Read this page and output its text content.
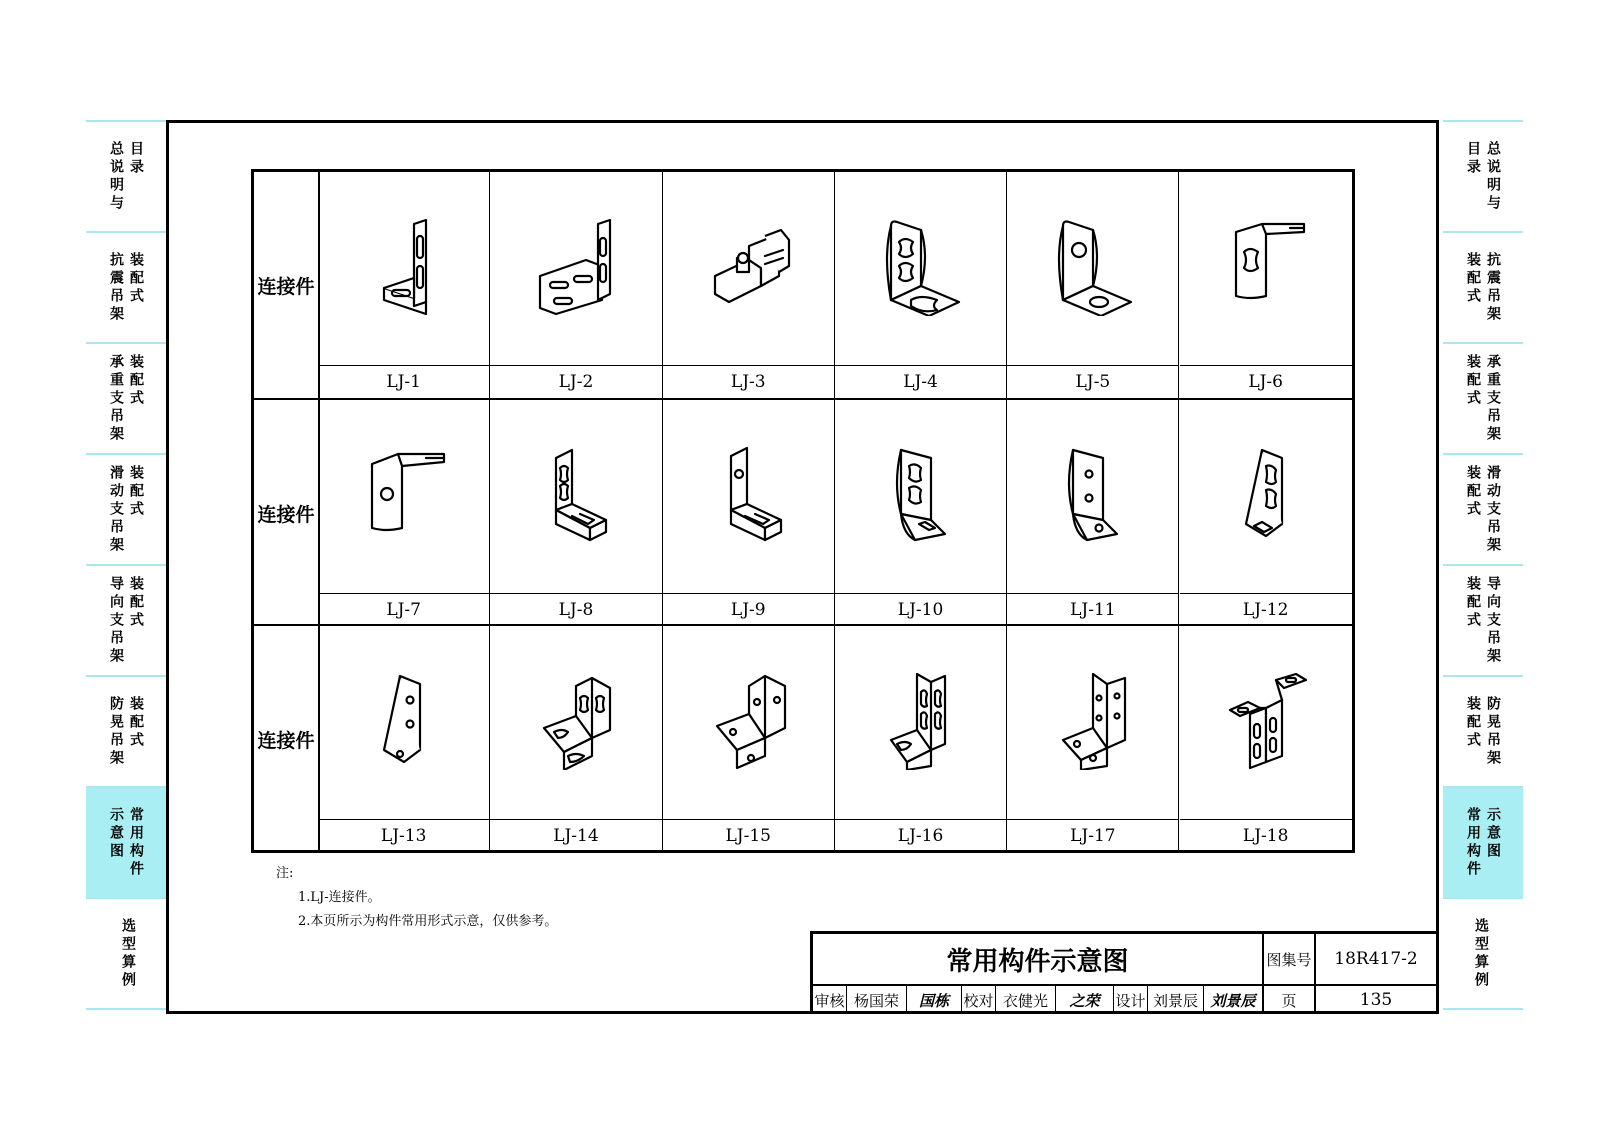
目录
总说明与
装配式
抗震吊架
装配式
承重支吊架
装配式
滑动支吊架
装配式
导向支吊架
装配式
防晃吊架
常用构件
示意图
选型算例
目录 总说明与
装配式 抗震吊架
装配式 承重支吊架
装配式 滑动支吊架
装配式 导向支吊架
装配式 防晃吊架
常用构件 示意图
选型算例
连接件
LJ-1	LJ-2	LJ-3	LJ-4	LJ-5	LJ-6
连接件
LJ-7	LJ-8	LJ-9	LJ-10	LJ-11	LJ-12
连接件
LJ-13	LJ-14	LJ-15	LJ-16	LJ-17	LJ-18
注:
1.LJ-连接件。
2.本页所示为构件常用形式示意，仅供参考。
常用构件示意图	图集号	18R417-2
审核 杨国荣	国栋 校对 衣健光	之荣	设计 刘景辰 刘景辰	页	135
